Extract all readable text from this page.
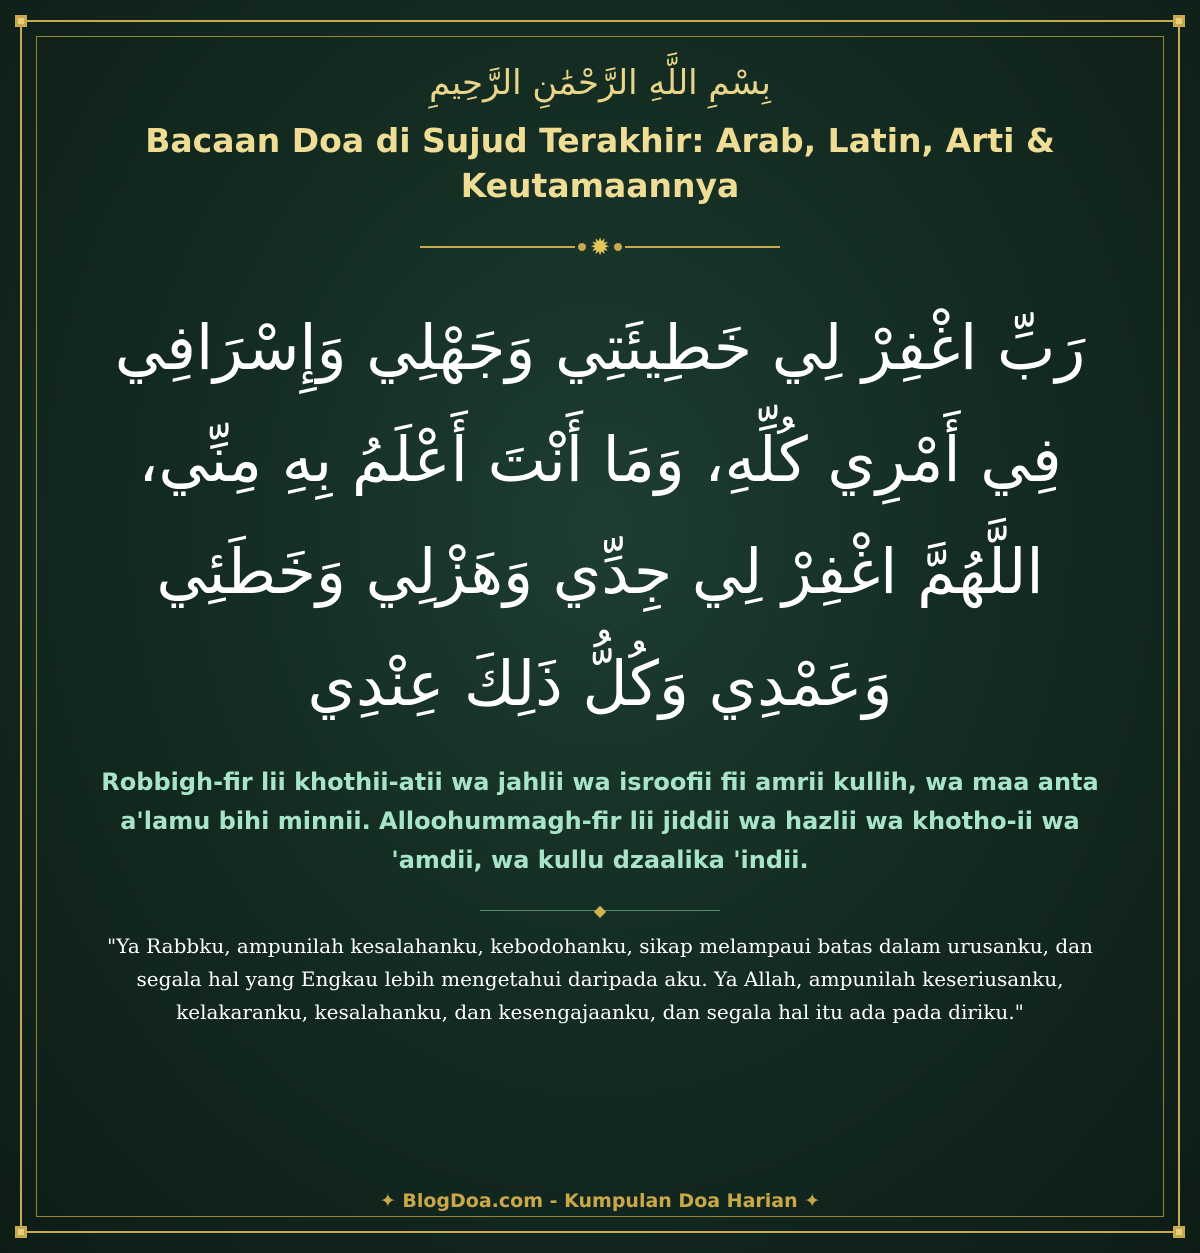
بِسْمِ اللَّهِ الرَّحْمَٰنِ الرَّحِيمِ
Bacaan Doa di Sujud Terakhir: Arab, Latin, Arti & Keutamaannya
✹
رَبِّ اغْفِرْ لِي خَطِيئَتِي وَجَهْلِي وَإِسْرَافِي فِي أَمْرِي كُلِّهِ، وَمَا أَنْتَ أَعْلَمُ بِهِ مِنِّي، اللَّهُمَّ اغْفِرْ لِي جِدِّي وَهَزْلِي وَخَطَئِي وَعَمْدِي وَكُلُّ ذَلِكَ عِنْدِي
Robbigh-fir lii khothii-atii wa jahlii wa isroofii fii amrii kullih, wa maa anta a'lamu bihi minnii. Alloohummagh-fir lii jiddii wa hazlii wa khotho-ii wa 'amdii, wa kullu dzaalika 'indii.
◆
"Ya Rabbku, ampunilah kesalahanku, kebodohanku, sikap melampaui batas dalam urusanku, dan segala hal yang Engkau lebih mengetahui daripada aku. Ya Allah, ampunilah keseriusanku, kelakaranku, kesalahanku, dan kesengajaanku, dan segala hal itu ada pada diriku."
✦ BlogDoa.com - Kumpulan Doa Harian ✦
